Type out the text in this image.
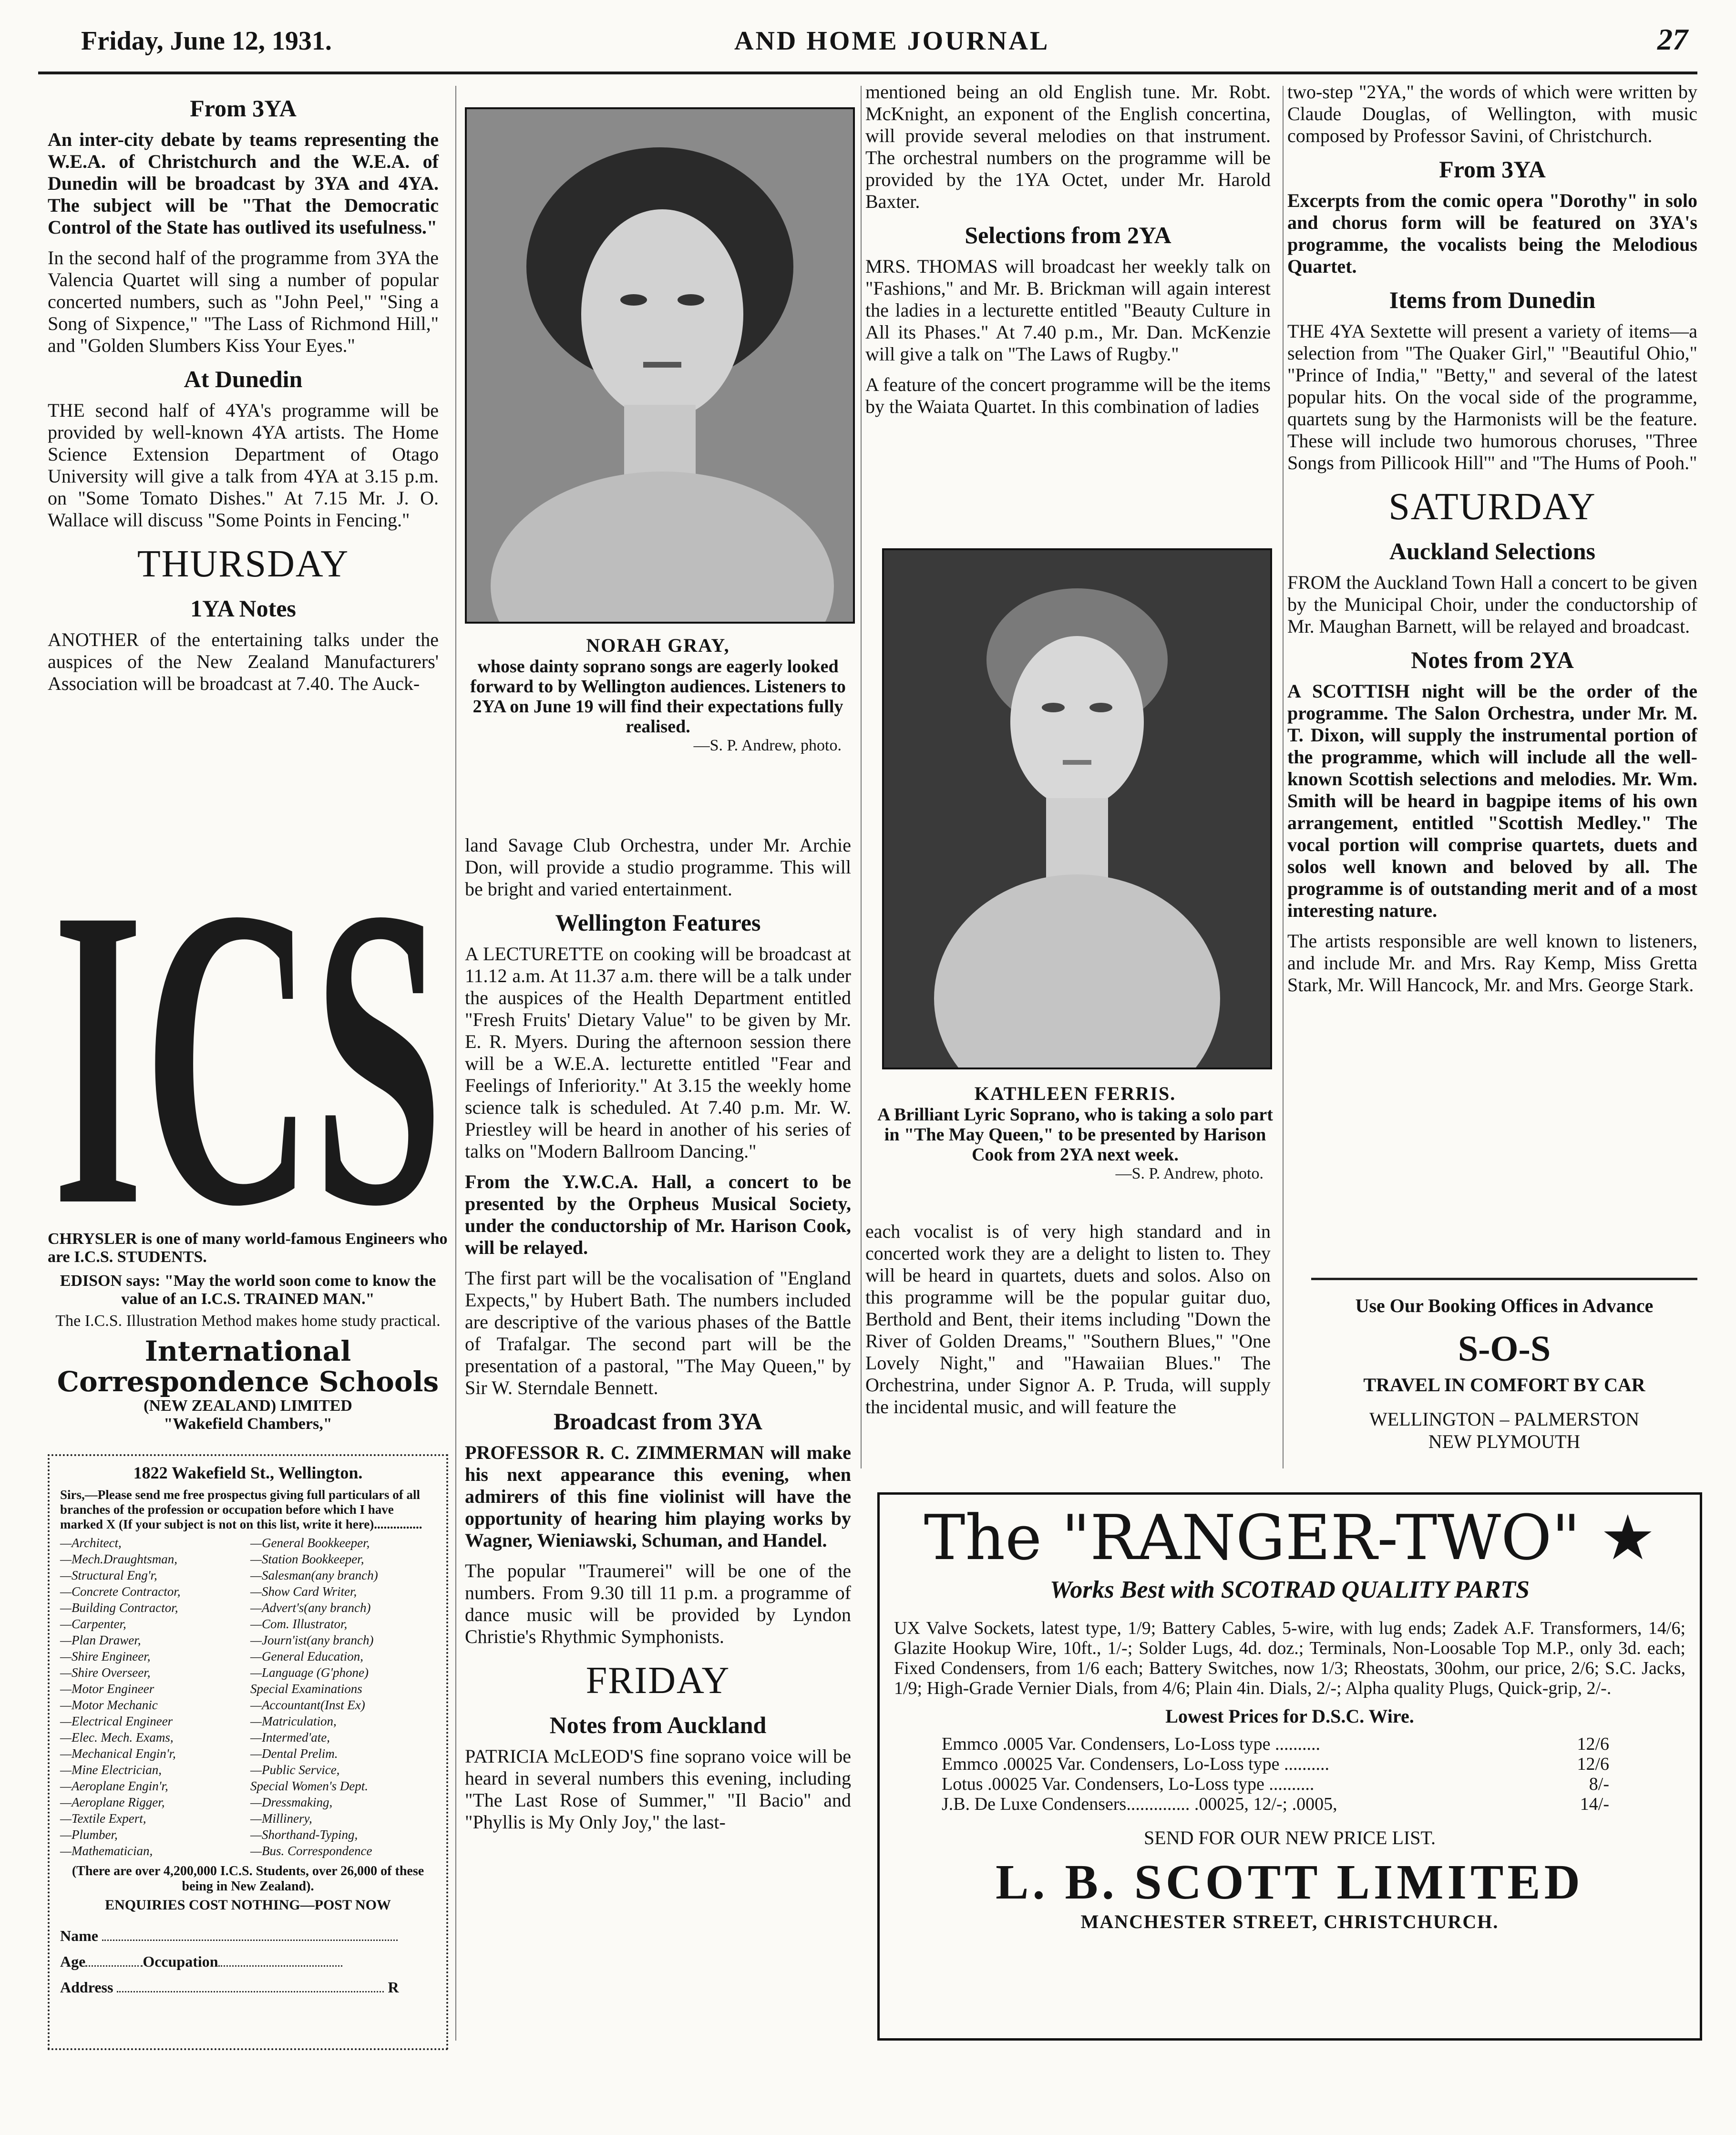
Friday, June 12, 1931.	AND HOME JOURNAL	27
From 3YA

An inter-city debate by teams representing the W.E.A. of Christchurch and the W.E.A. of Dunedin will be broadcast by 3YA and 4YA. The subject will be "That the Democratic Control of the State has outlived its usefulness."

In the second half of the programme from 3YA the Valencia Quartet will sing a number of popular concerted numbers, such as "John Peel," "Sing a Song of Sixpence," "The Lass of Richmond Hill," and "Golden Slumbers Kiss Your Eyes."

At Dunedin

THE second half of 4YA's programme will be provided by well-known 4YA artists. The Home Science Extension Department of Otago University will give a talk from 4YA at 3.15 p.m. on "Some Tomato Dishes." At 7.15 Mr. J. O. Wallace will discuss "Some Points in Fencing."

THURSDAY
1YA Notes

ANOTHER of the entertaining talks under the auspices of the New Zealand Manufacturers' Association will be broadcast at 7.40. The Auck-

NORAH GRAY,
whose dainty soprano songs are eagerly looked forward to by Wellington audiences. Listeners to 2YA on June 19 will find their expectations fully realised.
—S. P. Andrew, photo.

land Savage Club Orchestra, under Mr. Archie Don, will provide a studio programme. This will be bright and varied entertainment.

Wellington Features

A LECTURETTE on cooking will be broadcast at 11.12 a.m. At 11.37 a.m. there will be a talk under the auspices of the Health Department entitled "Fresh Fruits' Dietary Value" to be given by Mr. E. R. Myers. During the afternoon session there will be a W.E.A. lecturette entitled "Fear and Feelings of Inferiority." At 3.15 the weekly home science talk is scheduled. At 7.40 p.m. Mr. W. Priestley will be heard in another of his series of talks on "Modern Ballroom Dancing."

From the Y.W.C.A. Hall, a concert to be presented by the Orpheus Musical Society, under the conductorship of Mr. Harison Cook, will be relayed.

The first part will be the vocalisation of "England Expects," by Hubert Bath. The numbers included are descriptive of the various phases of the Battle of Trafalgar. The second part will be the presentation of a pastoral, "The May Queen," by Sir W. Sterndale Bennett.

Broadcast from 3YA

PROFESSOR R. C. ZIMMERMAN will make his next appearance this evening, when admirers of this fine violinist will have the opportunity of hearing him playing works by Wagner, Wieniawski, Schuman, and Handel.

The popular "Traumerei" will be one of the numbers. From 9.30 till 11 p.m. a programme of dance music will be provided by Lyndon Christie's Rhythmic Symphonists.

FRIDAY
Notes from Auckland

PATRICIA McLEOD'S fine soprano voice will be heard in several numbers this evening, including "The Last Rose of Summer," "Il Bacio" and "Phyllis is My Only Joy," the last-

mentioned being an old English tune. Mr. Robt. McKnight, an exponent of the English concertina, will provide several melodies on that instrument. The orchestral numbers on the programme will be provided by the 1YA Octet, under Mr. Harold Baxter.

Selections from 2YA

MRS. THOMAS will broadcast her weekly talk on "Fashions," and Mr. B. Brickman will again interest the ladies in a lecturette entitled "Beauty Culture in All its Phases." At 7.40 p.m., Mr. Dan. McKenzie will give a talk on "The Laws of Rugby."

A feature of the concert programme will be the items by the Waiata Quartet. In this combination of ladies

KATHLEEN FERRIS.
A Brilliant Lyric Soprano, who is taking a solo part in "The May Queen," to be presented by Harison Cook from 2YA next week.
—S. P. Andrew, photo.

each vocalist is of very high standard and in concerted work they are a delight to listen to. They will be heard in quartets, duets and solos. Also on this programme will be the popular guitar duo, Berthold and Bent, their items including "Down the River of Golden Dreams," "Southern Blues," "One Lovely Night," and "Hawaiian Blues." The Orchestrina, under Signor A. P. Truda, will supply the incidental music, and will feature the

two-step "2YA," the words of which were written by Claude Douglas, of Wellington, with music composed by Professor Savini, of Christchurch.

From 3YA

Excerpts from the comic opera "Dorothy" in solo and chorus form will be featured on 3YA's programme, the vocalists being the Melodious Quartet.

Items from Dunedin

THE 4YA Sextette will present a variety of items—a selection from "The Quaker Girl," "Beautiful Ohio," "Prince of India," "Betty," and several of the latest popular hits. On the vocal side of the programme, quartets sung by the Harmonists will be the feature. These will include two humorous choruses, "Three Songs from Pillicook Hill'" and "The Hums of Pooh."

SATURDAY
Auckland Selections

FROM the Auckland Town Hall a concert to be given by the Municipal Choir, under the conductorship of Mr. Maughan Barnett, will be relayed and broadcast.

Notes from 2YA

A SCOTTISH night will be the order of the programme. The Salon Orchestra, under Mr. M. T. Dixon, will supply the instrumental portion of the programme, which will include all the well-known Scottish selections and melodies. Mr. Wm. Smith will be heard in bagpipe items of his own arrangement, entitled "Scottish Medley." The vocal portion will comprise quartets, duets and solos well known and beloved by all. The programme is of outstanding merit and of a most interesting nature.

The artists responsible are well known to listeners, and include Mr. and Mrs. Ray Kemp, Miss Gretta Stark, Mr. Will Hancock, Mr. and Mrs. George Stark.

Use Our Booking Offices in Advance
S-O-S
TRAVEL IN COMFORT BY CAR
WELLINGTON – PALMERSTON
NEW PLYMOUTH
ICS
CHRYSLER is one of many world-famous Engineers who are I.C.S. STUDENTS.
EDISON says: "May the world soon come to know the value of an I.C.S. TRAINED MAN."
The I.C.S. Illustration Method makes home study practical.
International
Correspondence Schools
(NEW ZEALAND) LIMITED
"Wakefield Chambers,"
1822 Wakefield St., Wellington.
Sirs,—Please send me free prospectus giving full particulars of all branches of the profession or occupation before which I have marked X (If your subject is not on this list, write it here)...............
—Architect,	—General Bookkeeper,
—Mech.Draughtsman,	—Station Bookkeeper,
—Structural Eng'r,	—Salesman(any branch)
—Concrete Contractor,	—Show Card Writer,
—Building Contractor,	—Advert's(any branch)
—Carpenter,	—Com. Illustrator,
—Plan Drawer,	—Journ'ist(any branch)
—Shire Engineer,	—General Education,
—Shire Overseer,	—Language (G'phone)
—Motor Engineer	Special Examinations
—Motor Mechanic	—Accountant(Inst Ex)
—Electrical Engineer	—Matriculation,
—Elec. Mech. Exams,	—Intermed'ate,
—Mechanical Engin'r,	—Dental Prelim.
—Mine Electrician,	—Public Service,
—Aeroplane Engin'r,	Special Women's Dept.
—Aeroplane Rigger,	—Dressmaking,
—Textile Expert,	—Millinery,
—Plumber,	—Shorthand-Typing,
—Mathematician,	—Bus. Correspondence
(There are over 4,200,000 I.C.S. Students, over 26,000 of these being in New Zealand).
ENQUIRIES COST NOTHING—POST NOW
Name
Age	Occupation
Address	R
The "RANGER-TWO" ★
Works Best with SCOTRAD QUALITY PARTS
UX Valve Sockets, latest type, 1/9; Battery Cables, 5-wire, with lug ends; Zadek A.F. Transformers, 14/6; Glazite Hookup Wire, 10ft., 1/-; Solder Lugs, 4d. doz.; Terminals, Non-Loosable Top M.P., only 3d. each; Fixed Condensers, from 1/6 each; Battery Switches, now 1/3; Rheostats, 30ohm, our price, 2/6; S.C. Jacks, 1/9; High-Grade Vernier Dials, from 4/6; Plain 4in. Dials, 2/-; Alpha quality Plugs, Quick-grip, 2/-.
Lowest Prices for D.S.C. Wire.
Emmco .0005 Var. Condensers, Lo-Loss type ..........	12/6
Emmco .00025 Var. Condensers, Lo-Loss type ..........	12/6
Lotus .00025 Var. Condensers, Lo-Loss type ..........	8/-
J.B. De Luxe Condensers.............. .00025, 12/-; .0005,	14/-
SEND FOR OUR NEW PRICE LIST.
L. B. SCOTT LIMITED
MANCHESTER STREET, CHRISTCHURCH.
